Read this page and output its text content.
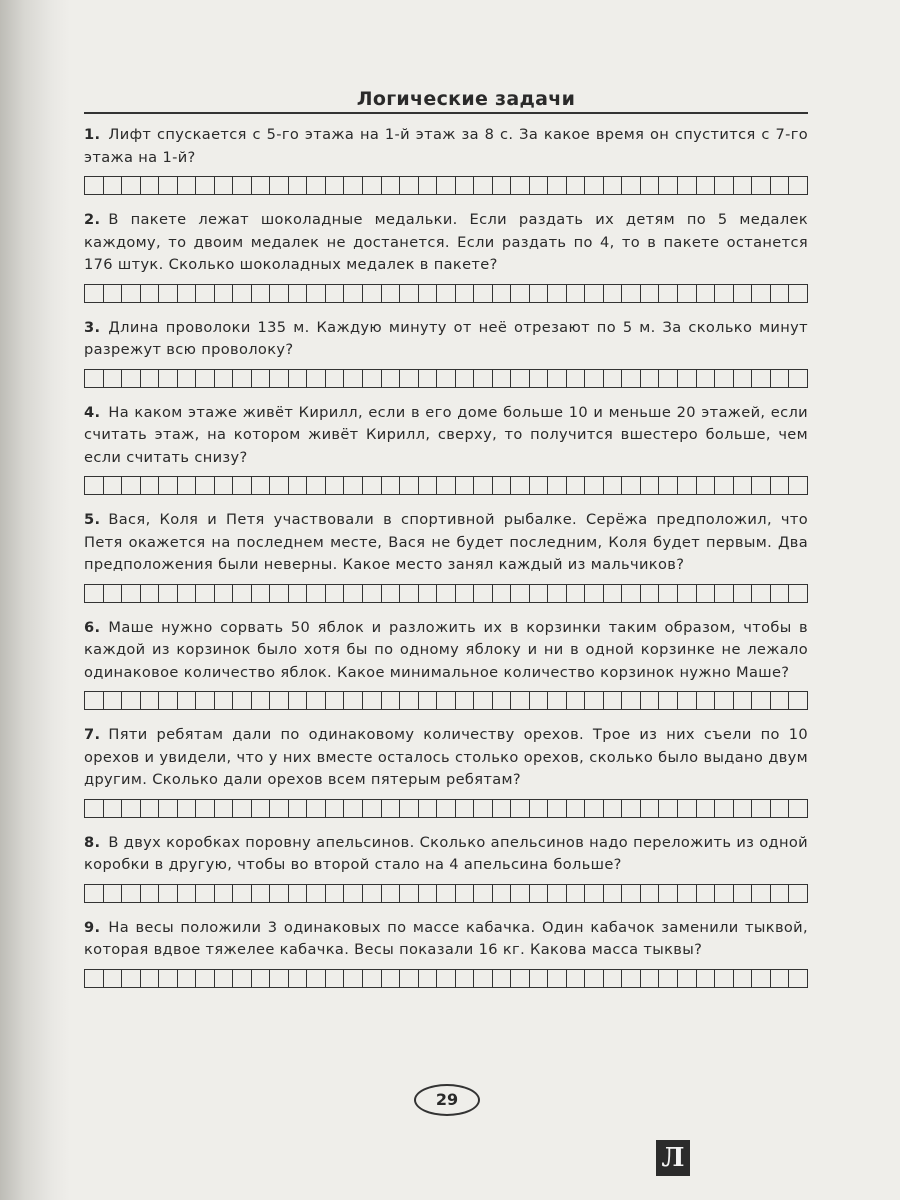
Логические задачи

1. Лифт спускается с 5-го этажа на 1-й этаж за 8 с. За какое время он спустится с 7-го этажа на 1-й?

2. В пакете лежат шоколадные медальки. Если раздать их детям по 5 медалек каждому, то двоим медалек не достанется. Если раздать по 4, то в пакете останется 176 штук. Сколько шоколадных медалек в пакете?

3. Длина проволоки 135 м. Каждую минуту от неё отрезают по 5 м. За сколько минут разрежут всю проволоку?

4. На каком этаже живёт Кирилл, если в его доме больше 10 и меньше 20 этажей, если считать этаж, на котором живёт Кирилл, сверху, то получится вшестеро больше, чем если считать снизу?

5. Вася, Коля и Петя участвовали в спортивной рыбалке. Серёжа предположил, что Петя окажется на последнем месте, Вася не будет последним, Коля будет первым. Два предположения были неверны. Какое место занял каждый из мальчиков?

6. Маше нужно сорвать 50 яблок и разложить их в корзинки таким образом, чтобы в каждой из корзинок было хотя бы по одному яблоку и ни в одной корзинке не лежало одинаковое количество яблок. Какое минимальное количество корзинок нужно Маше?

7. Пяти ребятам дали по одинаковому количеству орехов. Трое из них съели по 10 орехов и увидели, что у них вместе осталось столько орехов, сколько было выдано двум другим. Сколько дали орехов всем пятерым ребятам?

8. В двух коробках поровну апельсинов. Сколько апельсинов надо переложить из одной коробки в другую, чтобы во второй стало на 4 апельсина больше?

9. На весы положили 3 одинаковых по массе кабачка. Один кабачок заменили тыквой, которая вдвое тяжелее кабачка. Весы показали 16 кг. Какова масса тыквы?

29
Л
